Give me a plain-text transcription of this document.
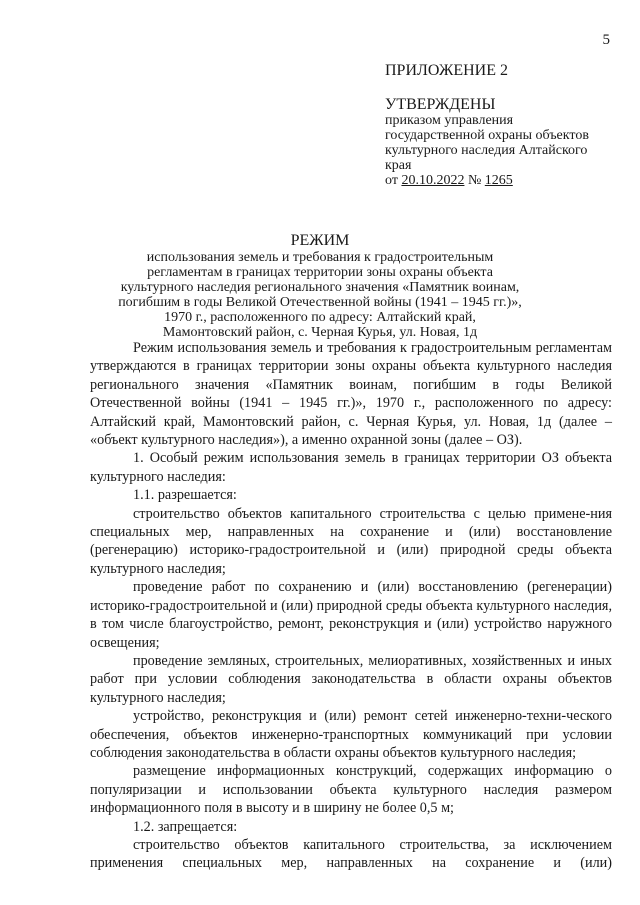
5
ПРИЛОЖЕНИЕ 2
УТВЕРЖДЕНЫ
приказом управления
государственной охраны объектов
культурного наследия Алтайского
края
от 20.10.2022 № 1265
РЕЖИМ
использования земель и требования к градостроительным
регламентам в границах территории зоны охраны объекта
культурного наследия регионального значения «Памятник воинам,
погибшим в годы Великой Отечественной войны (1941 – 1945 гг.)»,
1970 г., расположенного по адресу: Алтайский край,
Мамонтовский район, с. Черная Курья, ул. Новая, 1д

Режим использования земель и требования к градостроительным регламентам утверждаются в границах территории зоны охраны объекта культурного наследия регионального значения «Памятник воинам, погибшим в годы Великой Отечественной войны (1941 – 1945 гг.)», 1970 г., расположенного по адресу: Алтайский край, Мамонтовский район, с. Черная Курья, ул. Новая, 1д (далее – «объект культурного наследия»), а именно охранной зоны (далее – ОЗ).

1. Особый режим использования земель в границах территории ОЗ объекта культурного наследия:

1.1. разрешается:

строительство объектов капитального строительства с целью примене-ния специальных мер, направленных на сохранение и (или) восстановление (регенерацию) историко-градостроительной и (или) природной среды объекта культурного наследия;

проведение работ по сохранению и (или) восстановлению (регенерации) историко-градостроительной и (или) природной среды объекта культурного наследия, в том числе благоустройство, ремонт, реконструкция и (или) устройство наружного освещения;

проведение земляных, строительных, мелиоративных, хозяйственных и иных работ при условии соблюдения законодательства в области охраны объектов культурного наследия;

устройство, реконструкция и (или) ремонт сетей инженерно-техни-ческого обеспечения, объектов инженерно-транспортных коммуникаций при условии соблюдения законодательства в области охраны объектов культурного наследия;

размещение информационных конструкций, содержащих информацию о популяризации и использовании объекта культурного наследия размером информационного поля в высоту и в ширину не более 0,5 м;

1.2. запрещается:

строительство объектов капитального строительства, за исключением применения специальных мер, направленных на сохранение и (или)
